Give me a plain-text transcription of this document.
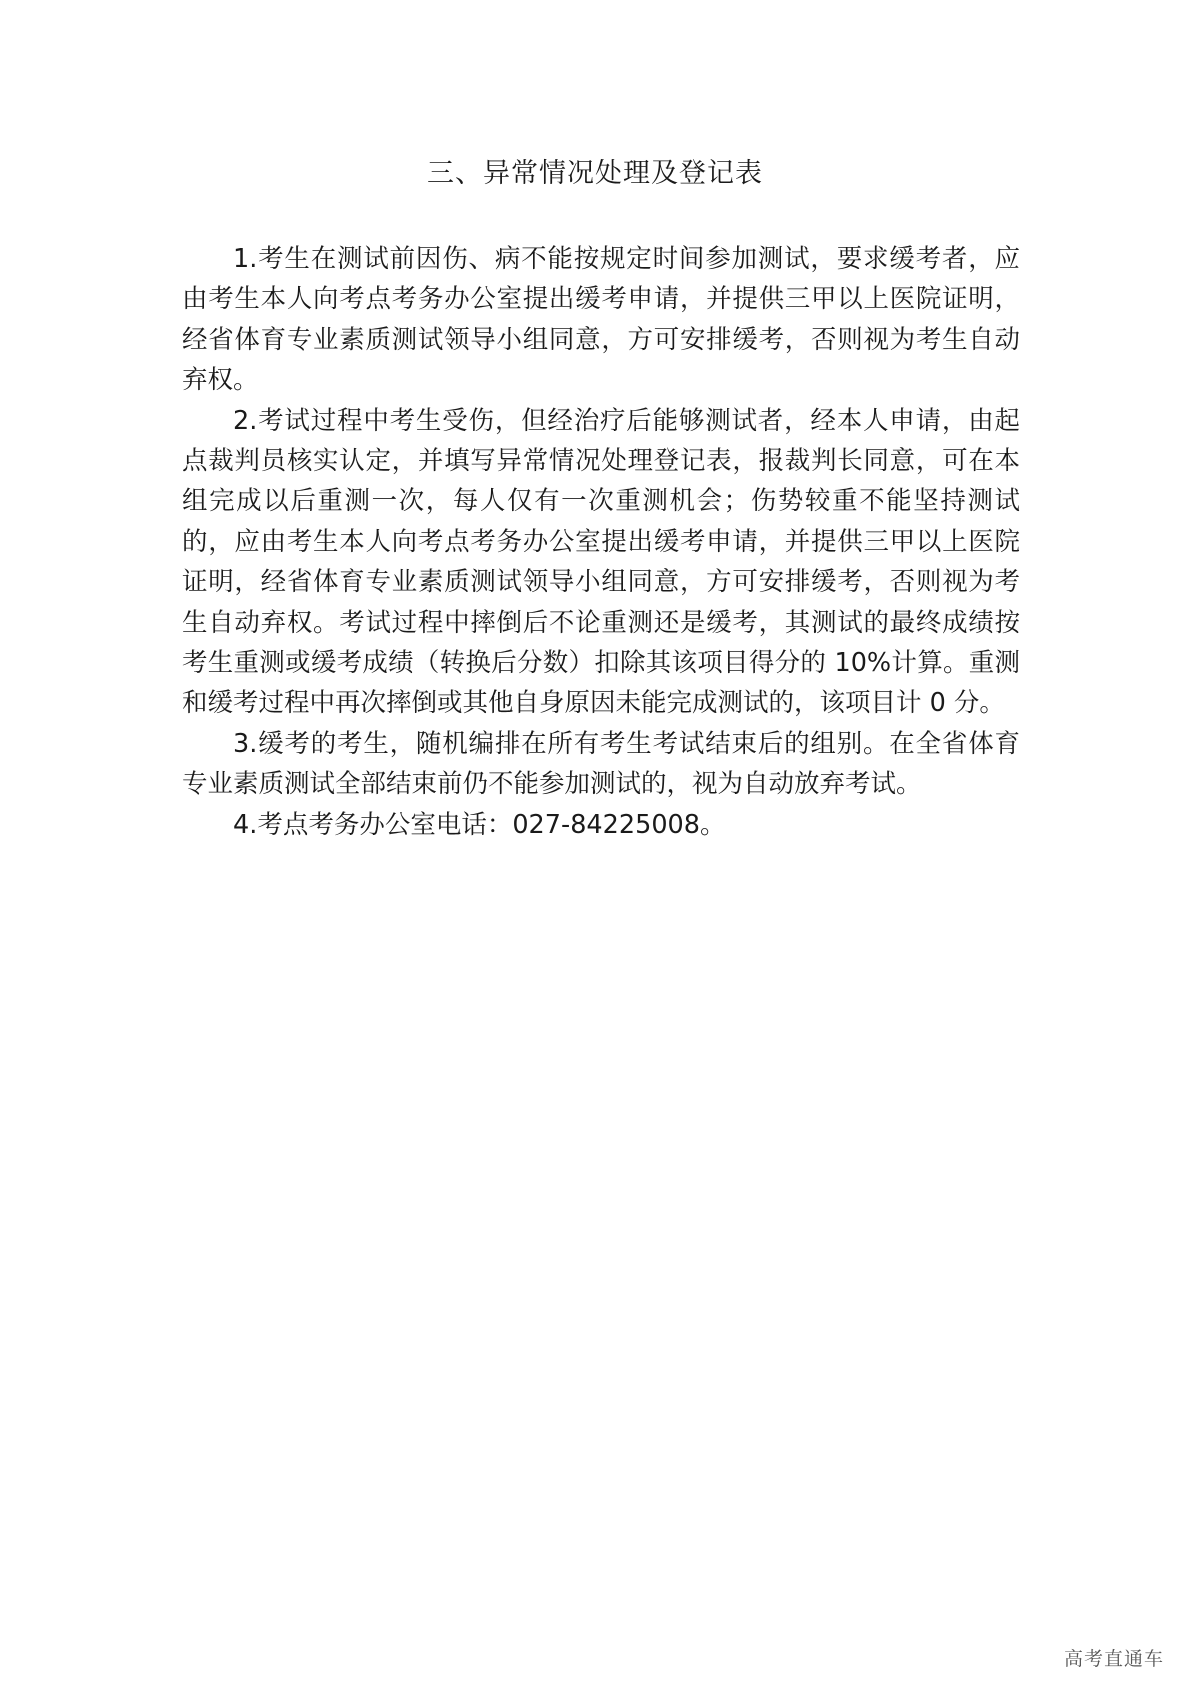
三、异常情况处理及登记表

1.考生在测试前因伤、病不能按规定时间参加测试，要求缓考者，应由考生本人向考点考务办公室提出缓考申请，并提供三甲以上医院证明，经省体育专业素质测试领导小组同意，方可安排缓考，否则视为考生自动弃权。

2.考试过程中考生受伤，但经治疗后能够测试者，经本人申请，由起点裁判员核实认定，并填写异常情况处理登记表，报裁判长同意，可在本组完成以后重测一次，每人仅有一次重测机会；伤势较重不能坚持测试的，应由考生本人向考点考务办公室提出缓考申请，并提供三甲以上医院证明，经省体育专业素质测试领导小组同意，方可安排缓考，否则视为考生自动弃权。考试过程中摔倒后不论重测还是缓考，其测试的最终成绩按考生重测或缓考成绩（转换后分数）扣除其该项目得分的 10%计算。重测和缓考过程中再次摔倒或其他自身原因未能完成测试的，该项目计 0 分。

3.缓考的考生，随机编排在所有考生考试结束后的组别。在全省体育专业素质测试全部结束前仍不能参加测试的，视为自动放弃考试。

4.考点考务办公室电话：027-84225008。

高考直通车
